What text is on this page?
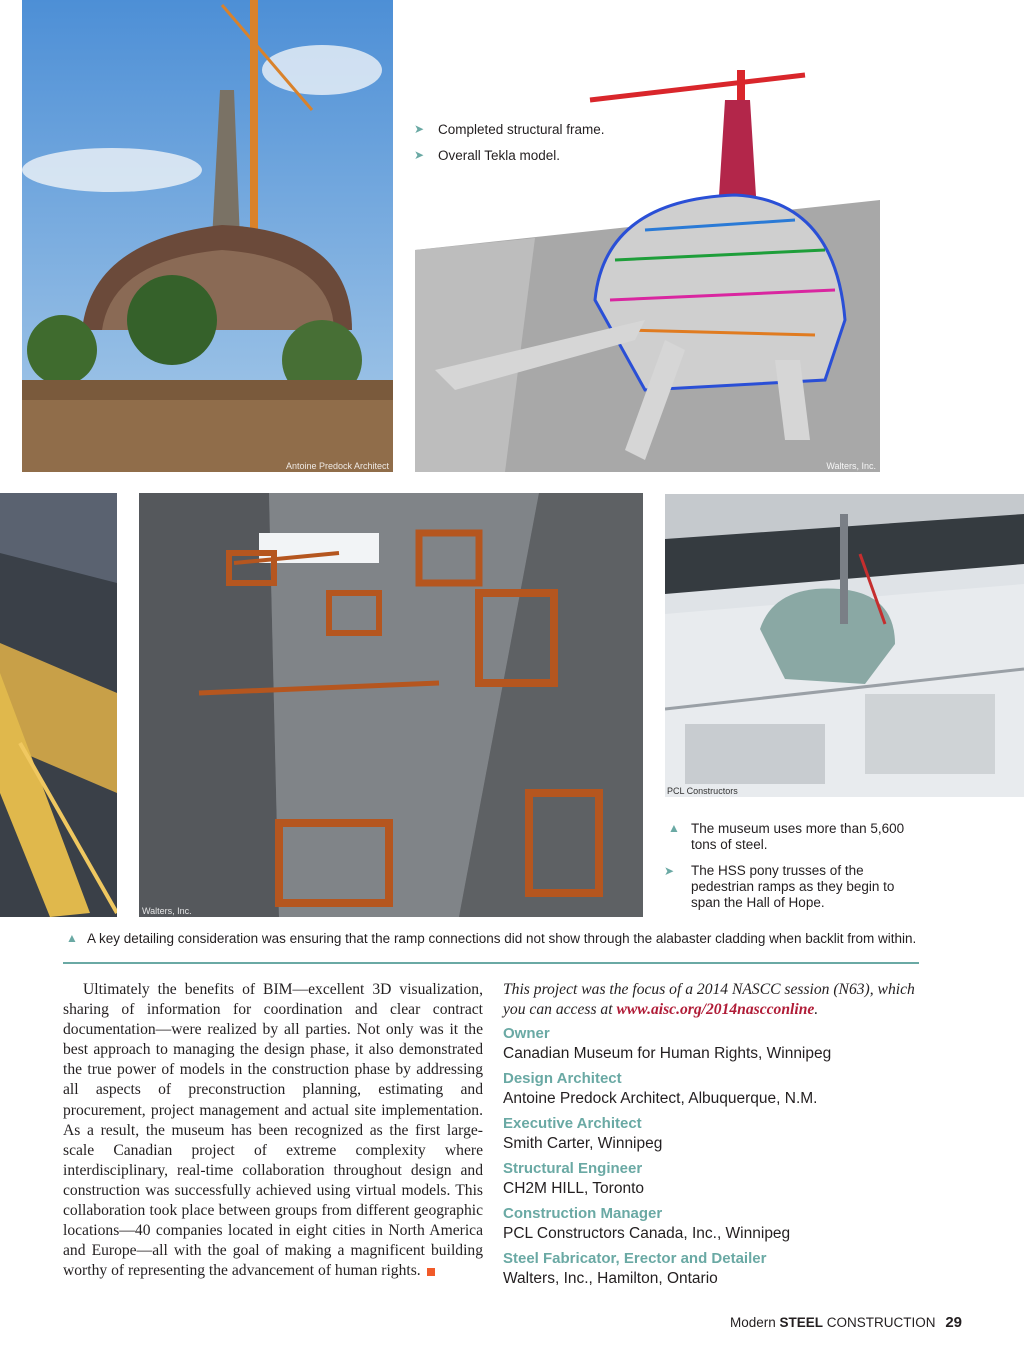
Antoine Predock Architect	Walters, Inc.
➤ Completed structural frame.
➤ Overall Tekla model.
Walters, Inc.
PCL Constructors
▲ The museum uses more than 5,600 tons of steel.
➤ The HSS pony trusses of the pedestrian ramps as they begin to span the Hall of Hope.
▲ A key detailing consideration was ensuring that the ramp connections did not show through the alabaster cladding when backlit from within.
Ultimately the benefits of BIM—excellent 3D visualization, sharing of information for coordination and clear contract documentation—were realized by all parties. Not only was it the best approach to managing the design phase, it also demonstrated the true power of models in the construction phase by addressing all aspects of preconstruction planning, estimating and procurement, project management and actual site implementation. As a result, the museum has been recognized as the first large-scale Canadian project of extreme complexity where interdisciplinary, real-time collaboration throughout design and construction was successfully achieved using virtual models. This collaboration took place between groups from different geographic locations—40 companies located in eight cities in North America and Europe—all with the goal of making a magnificent building worthy of representing the advancement of human rights.

This project was the focus of a 2014 NASCC session (N63), which you can access at www.aisc.org/2014nascconline.

Owner

Canadian Museum for Human Rights, Winnipeg

Design Architect

Antoine Predock Architect, Albuquerque, N.M.

Executive Architect

Smith Carter, Winnipeg

Structural Engineer

CH2M HILL, Toronto

Construction Manager

PCL Constructors Canada, Inc., Winnipeg

Steel Fabricator, Erector and Detailer

Walters, Inc., Hamilton, Ontario

Modern STEEL CONSTRUCTION 29
